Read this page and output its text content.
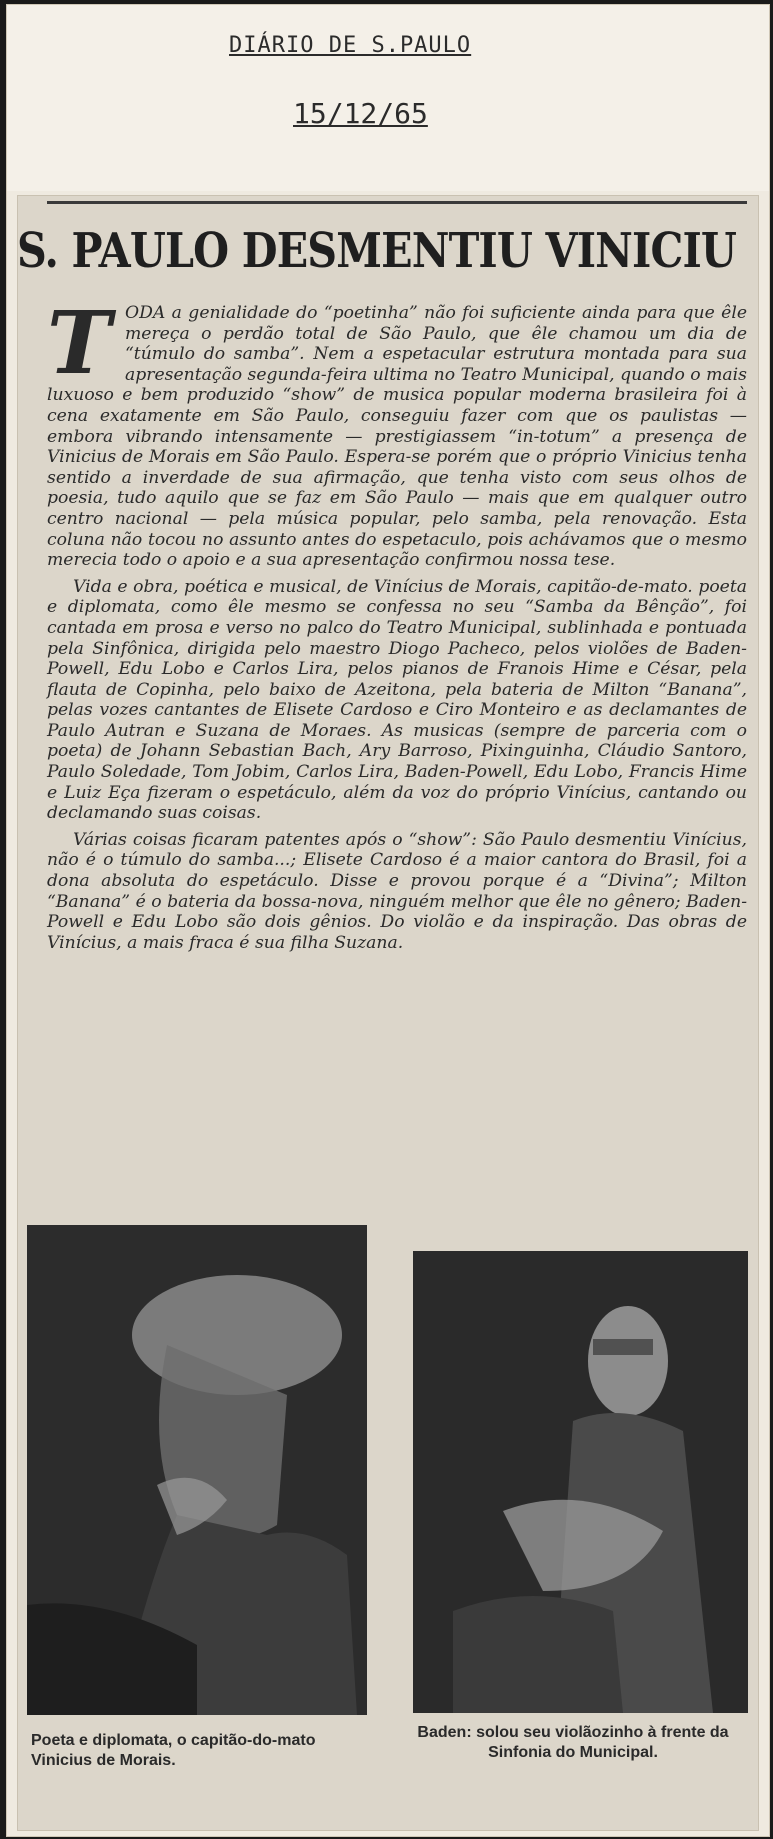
DIÁRIO DE S.PAULO
15/12/65
S. PAULO DESMENTIU VINICIU

TODA a genialidade do “poetinha” não foi suficiente ainda para que êle mereça o perdão total de São Paulo, que êle chamou um dia de “túmulo do samba”. Nem a espetacular estrutura montada para sua apresentação segunda-feira ultima no Teatro Municipal, quando o mais luxuoso e bem produzido “show” de musica popular moderna brasileira foi à cena exatamente em São Paulo, conseguiu fazer com que os paulistas — embora vibrando intensamente — prestigiassem “in-totum” a presença de Vinicius de Morais em São Paulo. Espera-se porém que o próprio Vinicius tenha sentido a inverdade de sua afirmação, que tenha visto com seus olhos de poesia, tudo aquilo que se faz em São Paulo — mais que em qualquer outro centro nacional — pela música popular, pelo samba, pela renovação. Esta coluna não tocou no assunto antes do espetaculo, pois achávamos que o mesmo merecia todo o apoio e a sua apresentação confirmou nossa tese.

Vida e obra, poética e musical, de Vinícius de Morais, capitão-de-mato. poeta e diplomata, como êle mesmo se confessa no seu “Samba da Bênção”, foi cantada em prosa e verso no palco do Teatro Municipal, sublinhada e pontuada pela Sinfônica, dirigida pelo maestro Diogo Pacheco, pelos violões de Baden-Powell, Edu Lobo e Carlos Lira, pelos pianos de Franois Hime e César, pela flauta de Copinha, pelo baixo de Azeitona, pela bateria de Milton “Banana”, pelas vozes cantantes de Elisete Cardoso e Ciro Monteiro e as declamantes de Paulo Autran e Suzana de Moraes. As musicas (sempre de parceria com o poeta) de Johann Sebastian Bach, Ary Barroso, Pixinguinha, Cláudio Santoro, Paulo Soledade, Tom Jobim, Carlos Lira, Baden-Powell, Edu Lobo, Francis Hime e Luiz Eça fizeram o espetáculo, além da voz do próprio Vinícius, cantando ou declamando suas coisas.

Várias coisas ficaram patentes após o “show”: São Paulo desmentiu Vinícius, não é o túmulo do samba...; Elisete Cardoso é a maior cantora do Brasil, foi a dona absoluta do espetáculo. Disse e provou porque é a “Divina”; Milton “Banana” é o bateria da bossa-nova, ninguém melhor que êle no gênero; Baden-Powell e Edu Lobo são dois gênios. Do violão e da inspiração. Das obras de Vinícius, a mais fraca é sua filha Suzana.

Poeta e diplomata, o capitão-do-mato Vinicius de Morais.
Baden: solou seu violãozinho à frente da Sinfonia do Municipal.
